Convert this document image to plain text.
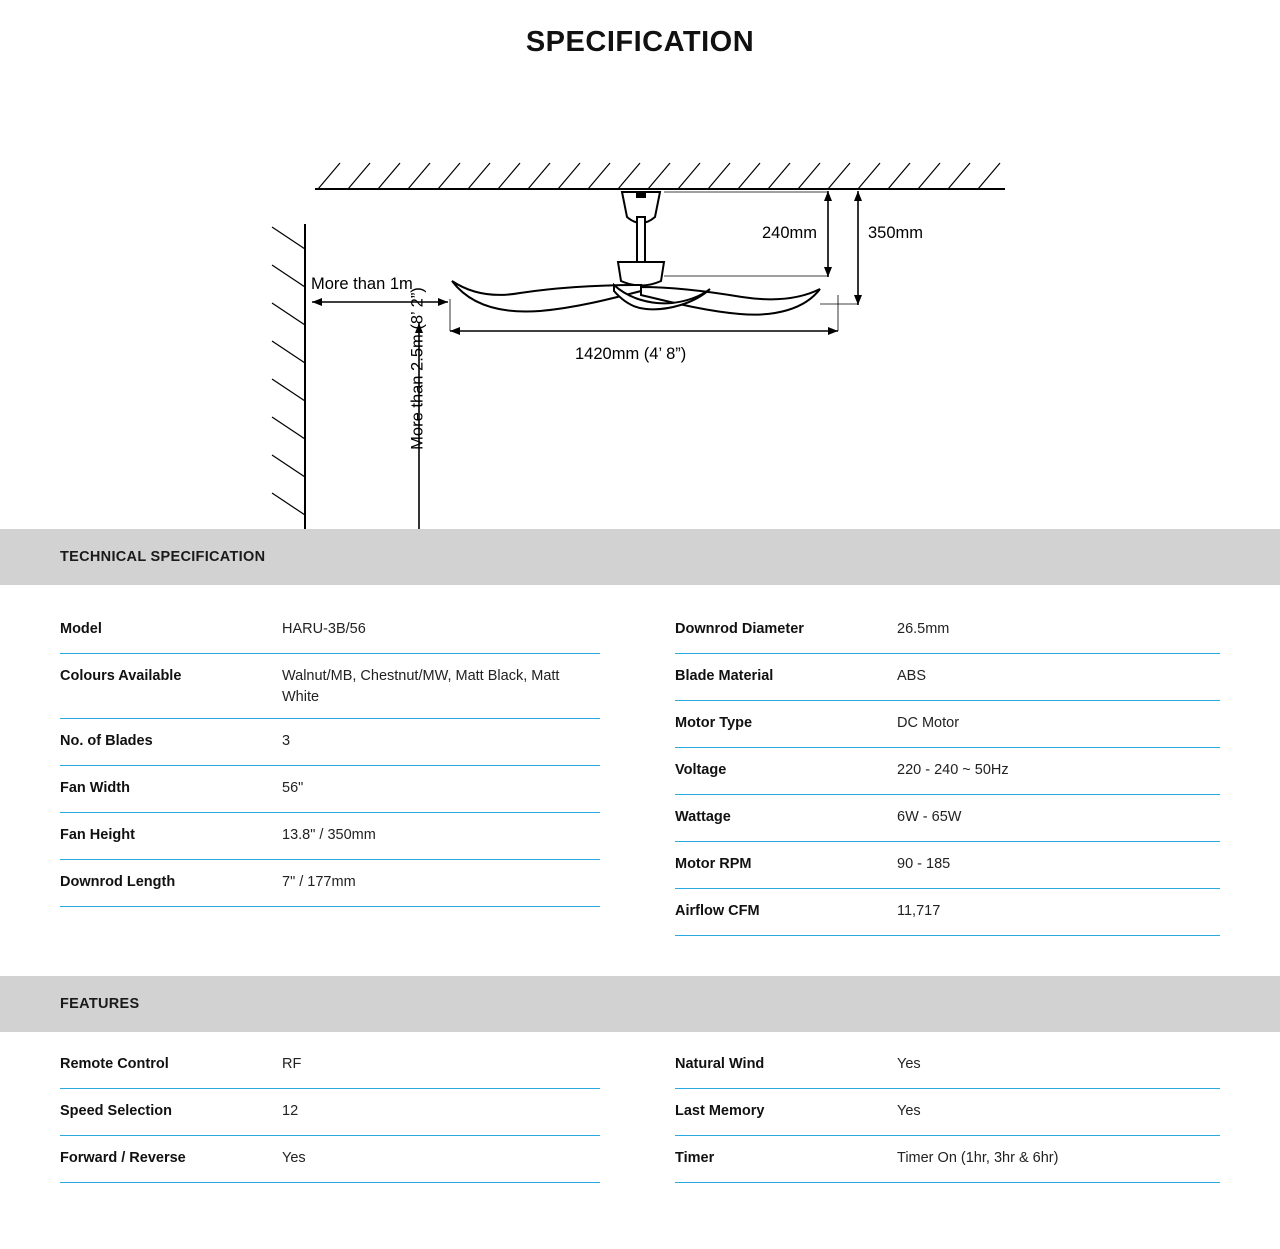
SPECIFICATION
240mm	350mm
More than 1m
1420mm (4’ 8”)
More than 2.5m (8’ 2”)
TECHNICAL SPECIFICATION
Model	HARU-3B/56
Colours Available	Walnut/MB, Chestnut/MW, Matt Black, Matt White
No. of Blades	3
Fan Width	56"
Fan Height	13.8" / 350mm
Downrod Length	7" / 177mm
Downrod Diameter	26.5mm
Blade Material	ABS
Motor Type	DC Motor
Voltage	220 - 240 ~ 50Hz
Wattage	6W - 65W
Motor RPM	90 - 185
Airflow CFM	11,717
FEATURES
Remote Control	RF
Speed Selection	12
Forward / Reverse	Yes
Natural Wind	Yes
Last Memory	Yes
Timer	Timer On (1hr, 3hr & 6hr)
